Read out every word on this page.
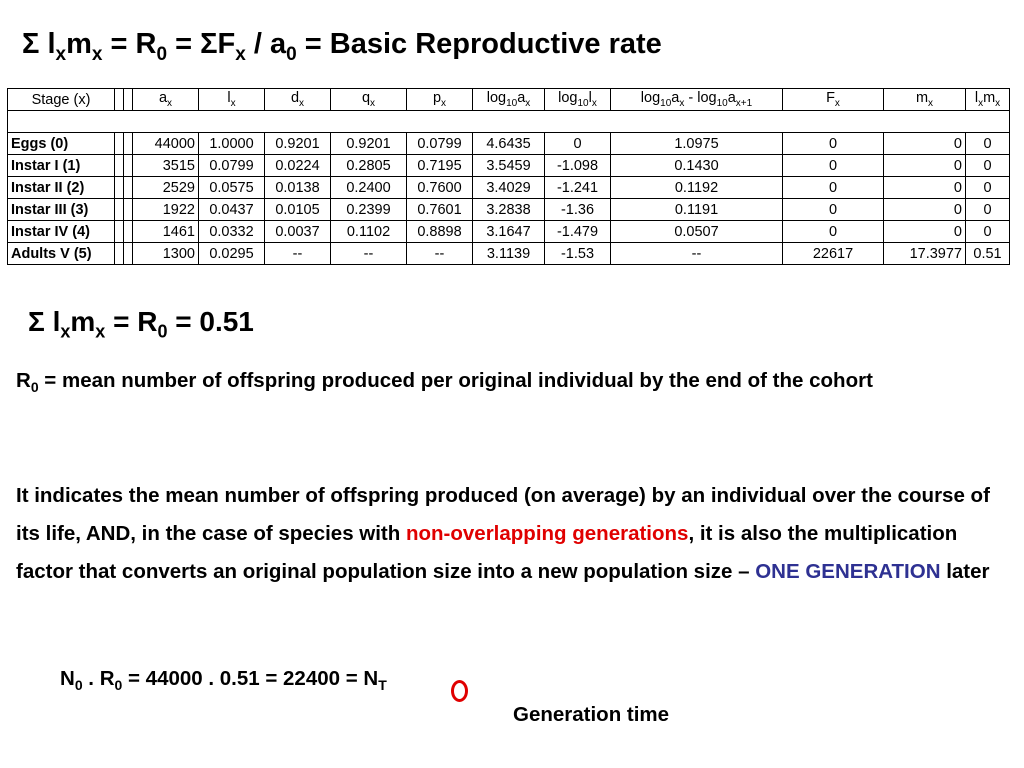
Σ $l_xm_x = R_0 = \Sigma F_x / a_0$ = Basic Reproductive rate
Stage (x)			$a_x$	$l_x$	$d_x$	$q_x$	$p_x$	$\log_{10}a_x$	$\log_{10}l_x$	$\log_{10}a_x - \log_{10}a_{x+1}$	$F_x$	$m_x$	$l_xm_x$

Eggs (0)			44000	1.0000	0.9201	0.9201	0.0799	4.6435	0	1.0975	0	0	0
Instar I (1)			3515	0.0799	0.0224	0.2805	0.7195	3.5459	-1.098	0.1430	0	0	0
Instar II (2)			2529	0.0575	0.0138	0.2400	0.7600	3.4029	-1.241	0.1192	0	0	0
Instar III (3)			1922	0.0437	0.0105	0.2399	0.7601	3.2838	-1.36	0.1191	0	0	0
Instar IV (4)			1461	0.0332	0.0037	0.1102	0.8898	3.1647	-1.479	0.0507	0	0	0
Adults V (5)			1300	0.0295	--	--	--	3.1139	-1.53	--	22617	17.3977	0.51
Σ $l_xm_x = R_0 = 0.51$
$R_0$ = mean number of offspring produced per original individual by the end of the cohort
It indicates the mean number of offspring produced (on average) by an individual over the course of its life, AND, in the case of species with non-overlapping generations, it is also the multiplication factor that converts an original population size into a new population size – ONE GENERATION later
$N_0$ . $R_0 = 44000$ . $0.51 = 22400 = N_T$
Generation time
